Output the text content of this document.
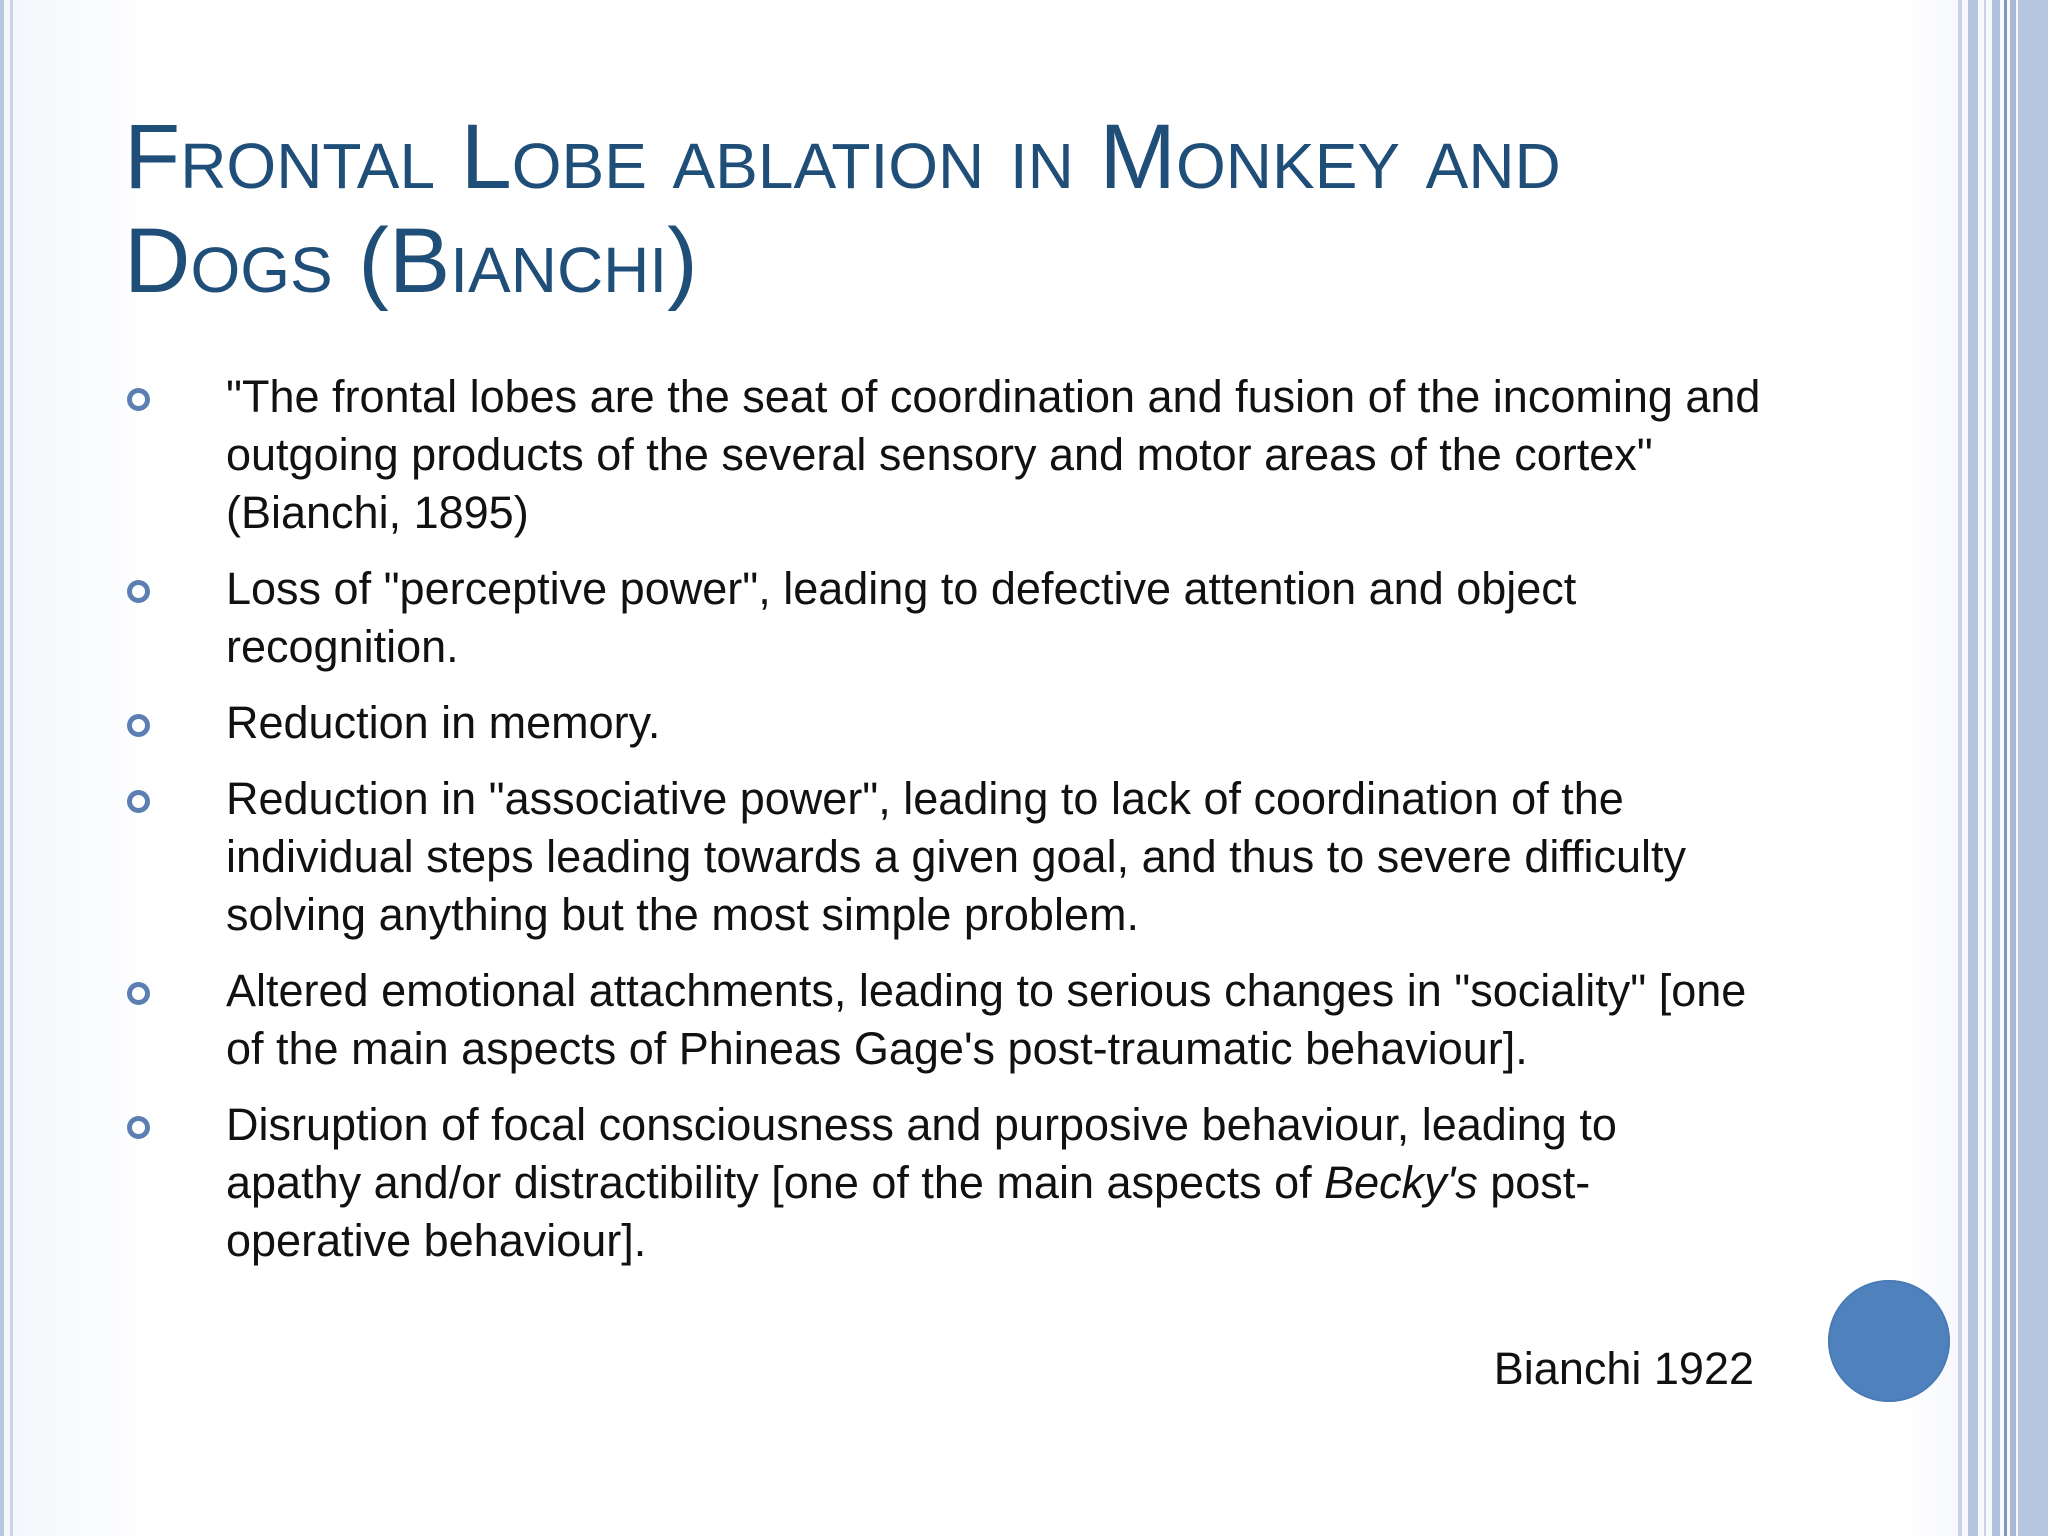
Frontal Lobe ablation in Monkey and Dogs (Bianchi)
"The frontal lobes are the seat of coordination and fusion of the incoming and outgoing products of the several sensory and motor areas of the cortex" (Bianchi, 1895)
Loss of "perceptive power", leading to defective attention and object recognition.
Reduction in memory.
Reduction in "associative power", leading to lack of coordination of the individual steps leading towards a given goal, and thus to severe difficulty solving anything but the most simple problem.
Altered emotional attachments, leading to serious changes in "sociality" [one of the main aspects of Phineas Gage's post-traumatic behaviour].
Disruption of focal consciousness and purposive behaviour, leading to apathy and/or distractibility [one of the main aspects of Becky's post-operative behaviour].
Bianchi 1922
